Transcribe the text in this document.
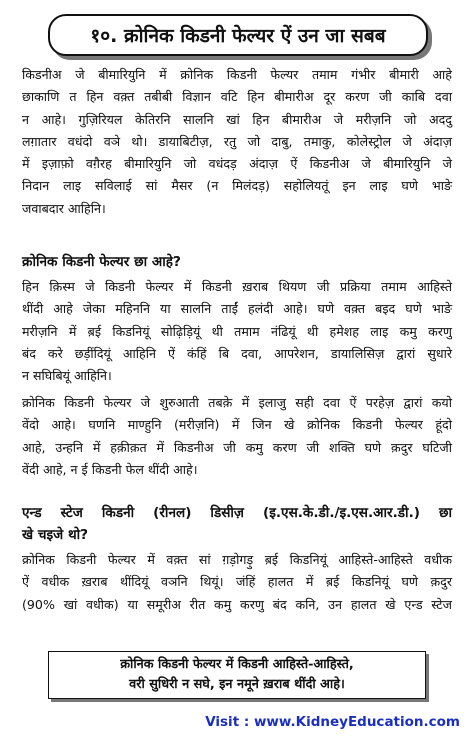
१०. क्रोनिक किडनी फेल्यर ऐं उन जा सबब

किडनीअ जे बीमारियुनि में क्रोनिक किडनी फेल्यर तमाम गंभीर बीमारी आहे
छाकाणि त हिन वक़्त तबीबी विज्ञान वटि हिन बीमारीअ दूर करण जी काबि दवा
न आहे। गुज़िरियल केतिरनि सालनि खां हिन बीमारीअ जे मरीज़नि जो अददु
लग़ातार वधंदो वञे थो। डायाबिटीज़, रतु जो दाबु, तमाकु, कोलेस्ट्रोल जे अंदाज़
में इज़ाफ़ो वग़ैरह बीमारियुनि जो वधंदड़ अंदाज़ ऐं किडनीअ जे बीमारियुनि जे
निदान लाइ सविलाई सां मैसर (न मिलंदड़) सहोलियतूं इन लाइ घणे भाङे
जवाबदार आहिनि।

क्रोनिक किडनी फेल्यर छा आहे?

हिन क़िस्म जे किडनी फेल्यर में किडनी ख़राब थियण जी प्रक्रिया तमाम आहिस्ते
थींदी आहे जेका महिननि या सालनि ताईं हलंदी आहे। घणे वक़्त बइद घणे भाङे
मरीज़नि में ब़ई किडनियूं सोढ़िड़ियूं थी तमाम नंढियूं थी हमेशह लाइ कमु करणु
बंद करे छड़ींदियूं आहिनि ऐं कंहिं बि दवा, आपरेशन, डायालिसिज़ द्वारां सुधारे
न सघिबियूं आहिनि।

क्रोनिक किडनी फेल्यर जे शुरुआती तबक़े में इलाजु सही दवा ऐं परहेज़ द्वारां कयो
वेंदो आहे। घणनि माण्हुनि (मरीज़नि) में जिन खे क्रोनिक किडनी फेल्यर हूंदो
आहे, उन्हनि में हक़ीक़त में किडनीअ जी कमु करण जी शक्ति घणे क़दुर घटिजी
वेंदी आहे, न ई किडनी फेल थींदी आहे।

एन्ड स्टेज किडनी (रीनल) डिसीज़ (इ.एस.के.डी./इ.एस.आर.डी.) छा
खे चइजे थो?

क्रोनिक किडनी फेल्यर में वक़्त सां ग़ड़ोगड़ु ब़ई किडनियूं आहिस्ते-आहिस्ते वधीक
ऐं वधीक ख़राब थींदियूं वञनि थियूं। जंहिं हालत में ब़ई किडनियूं घणे क़दुर
(90% खां वधीक) या समूरीअ रीत कमु करणु बंद कनि, उन हालत खे एन्ड स्टेज

क्रोनिक किडनी फेल्यर में किडनी आहिस्ते-आहिस्ते,
वरी सुधिरी न सघे, इन नमूने ख़राब थींदी आहे।
Visit : www.KidneyEducation.com
